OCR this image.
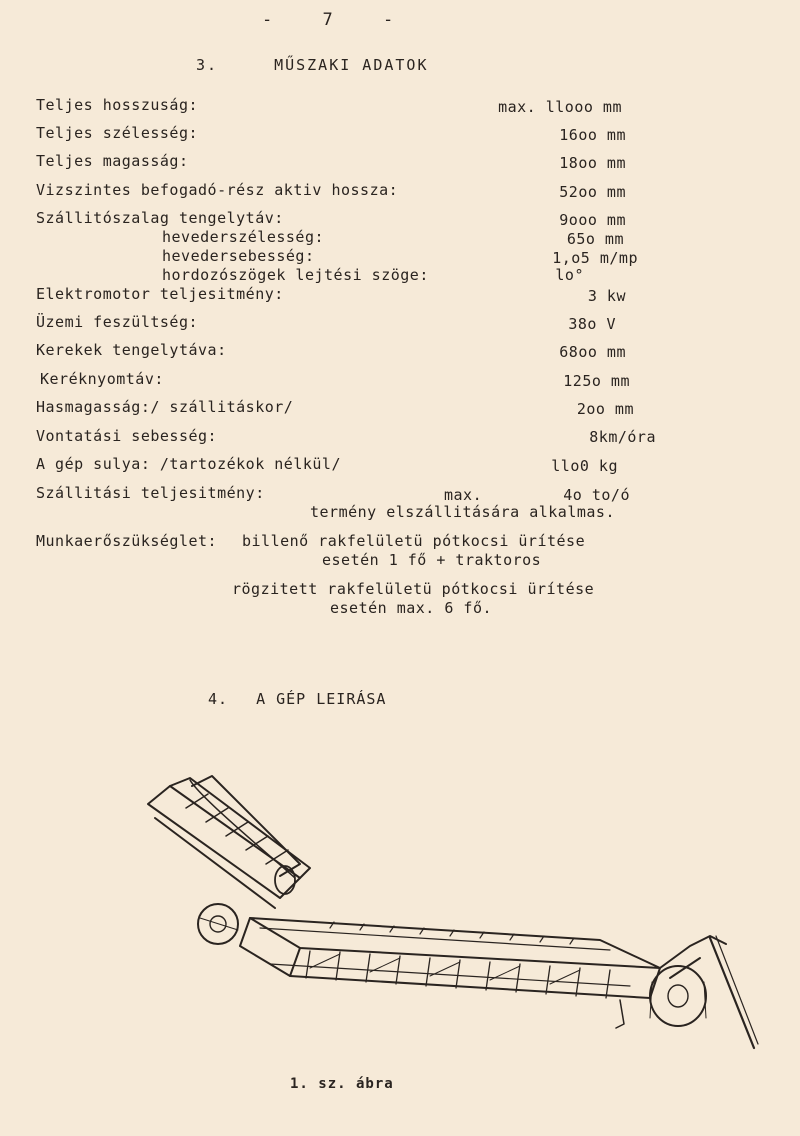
- 7 -
3.	MŰSZAKI ADATOK
Teljes hosszuság:	max. llooo mm
Teljes szélesség:	16oo mm
Teljes magasság:	18oo mm
Vizszintes befogadó-rész aktiv hossza:	52oo mm
Szállitószalag tengelytáv:	9ooo mm
hevederszélesség:	65o mm
hevedersebesség:	1,o5 m/mp
hordozószögek lejtési szöge:	lo°
Elektromotor teljesitmény:	3 kw
Üzemi feszültség:	38o V
Kerekek tengelytáva:	68oo mm
Keréknyomtáv:	125o mm
Hasmagasság:/ szállitáskor/	2oo mm
Vontatási sebesség:	8km/óra
A gép sulya: /tartozékok nélkül/	llo0 kg
Szállitási teljesitmény:	max.	4o to/ó
termény elszállitására alkalmas.
Munkaerőszükséglet: billenő rakfelületü pótkocsi ürítése
esetén 1 fő + traktoros
rögzitett rakfelületü pótkocsi ürítése
esetén max. 6 fő.
4. A GÉP LEIRÁSA
1. sz. ábra
